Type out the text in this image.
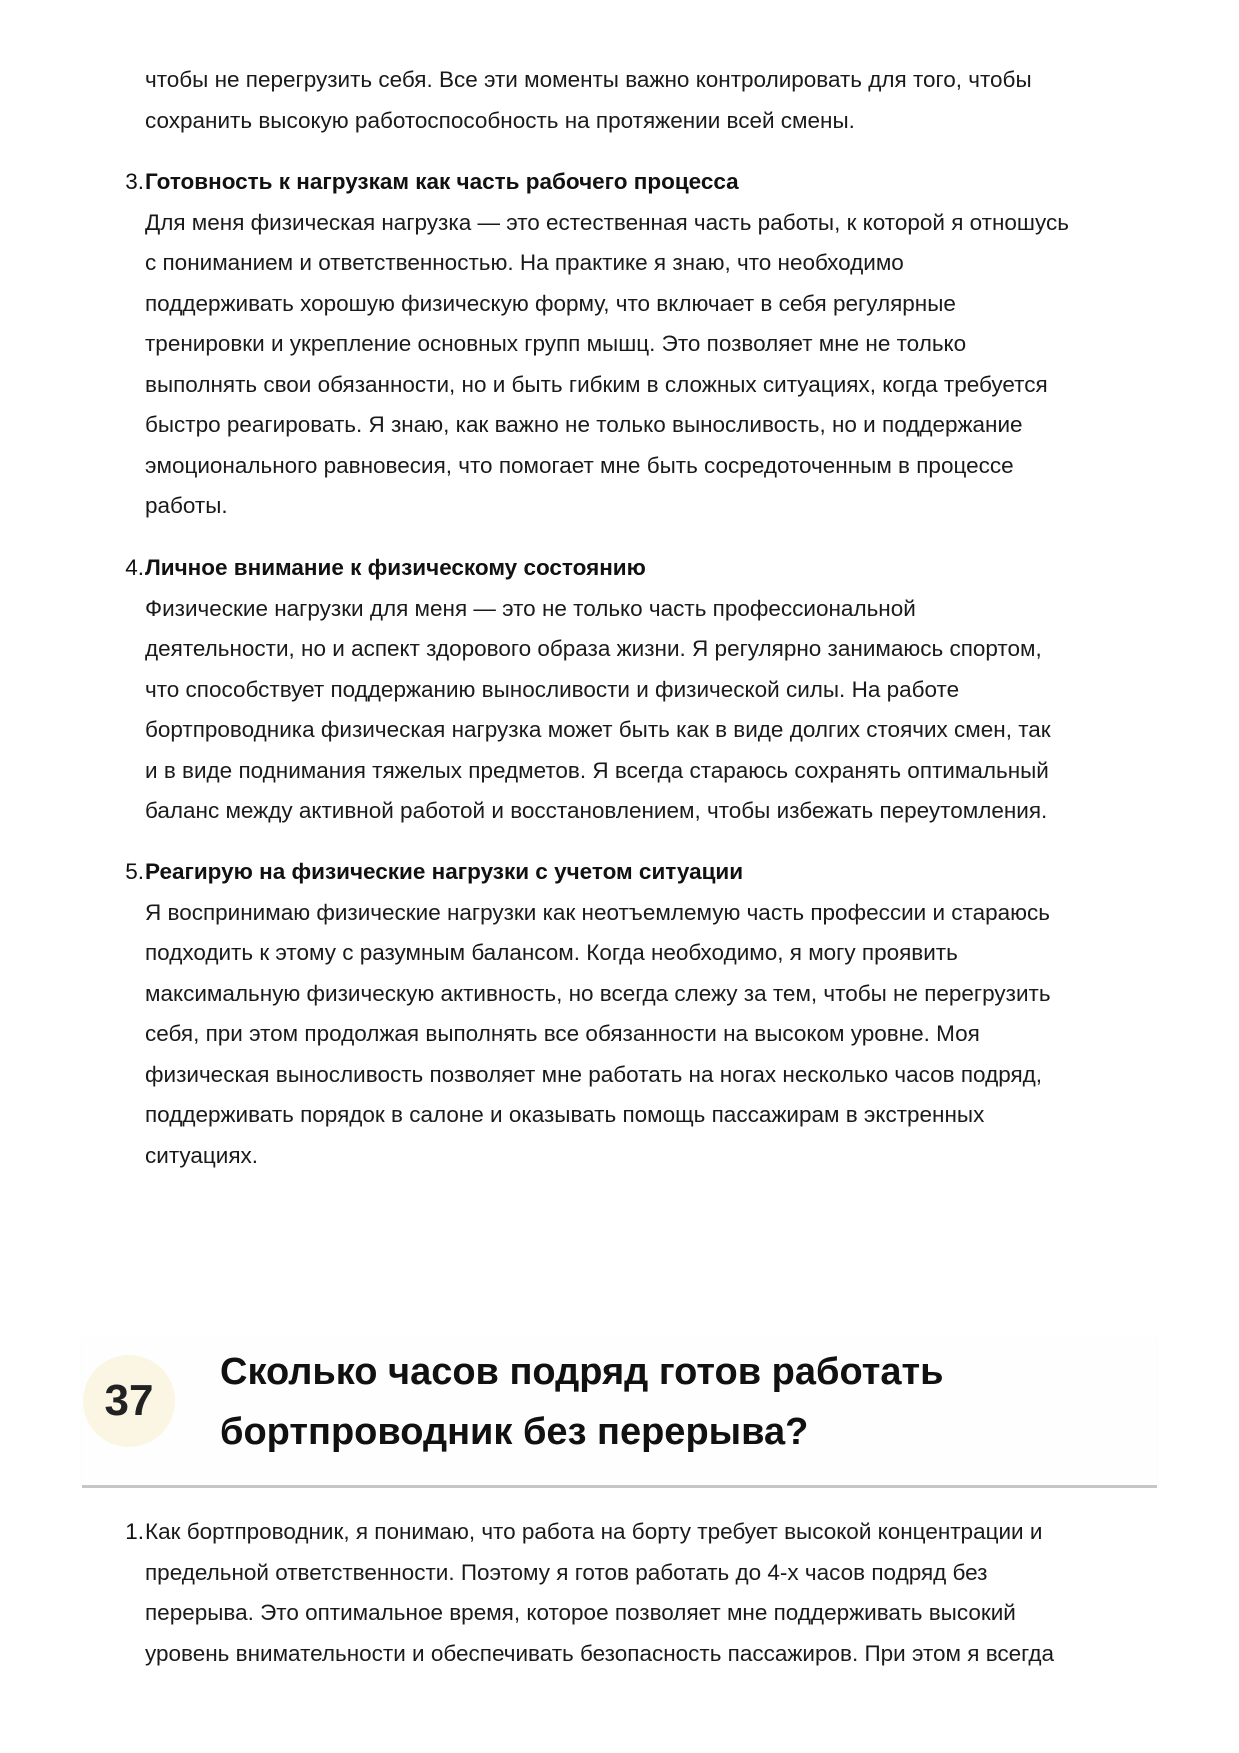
чтобы не перегрузить себя. Все эти моменты важно контролировать для того, чтобы
сохранить высокую работоспособность на протяжении всей смены.
3. Готовность к нагрузкам как часть рабочего процесса
Для меня физическая нагрузка — это естественная часть работы, к которой я отношусь
с пониманием и ответственностью. На практике я знаю, что необходимо
поддерживать хорошую физическую форму, что включает в себя регулярные
тренировки и укрепление основных групп мышц. Это позволяет мне не только
выполнять свои обязанности, но и быть гибким в сложных ситуациях, когда требуется
быстро реагировать. Я знаю, как важно не только выносливость, но и поддержание
эмоционального равновесия, что помогает мне быть сосредоточенным в процессе
работы.
4. Личное внимание к физическому состоянию
Физические нагрузки для меня — это не только часть профессиональной
деятельности, но и аспект здорового образа жизни. Я регулярно занимаюсь спортом,
что способствует поддержанию выносливости и физической силы. На работе
бортпроводника физическая нагрузка может быть как в виде долгих стоячих смен, так
и в виде поднимания тяжелых предметов. Я всегда стараюсь сохранять оптимальный
баланс между активной работой и восстановлением, чтобы избежать переутомления.
5. Реагирую на физические нагрузки с учетом ситуации
Я воспринимаю физические нагрузки как неотъемлемую часть профессии и стараюсь
подходить к этому с разумным балансом. Когда необходимо, я могу проявить
максимальную физическую активность, но всегда слежу за тем, чтобы не перегрузить
себя, при этом продолжая выполнять все обязанности на высоком уровне. Моя
физическая выносливость позволяет мне работать на ногах несколько часов подряд,
поддерживать порядок в салоне и оказывать помощь пассажирам в экстренных
ситуациях.
37
Сколько часов подряд готов работать
бортпроводник без перерыва?
1. Как бортпроводник, я понимаю, что работа на борту требует высокой концентрации и
предельной ответственности. Поэтому я готов работать до 4-х часов подряд без
перерыва. Это оптимальное время, которое позволяет мне поддерживать высокий
уровень внимательности и обеспечивать безопасность пассажиров. При этом я всегда
